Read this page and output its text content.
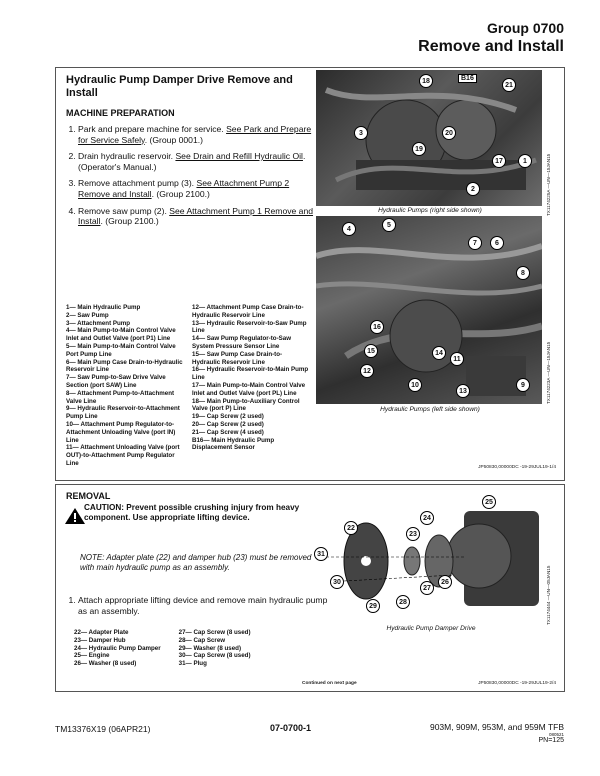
Group 0700
Remove and Install
Hydraulic Pump Damper Drive Remove and Install
MACHINE PREPARATION
1. Park and prepare machine for service. See Park and Prepare for Service Safely. (Group 0001.)
2. Drain hydraulic reservoir. See Drain and Refill Hydraulic Oil. (Operator's Manual.)
3. Remove attachment pump (3). See Attachment Pump 2 Remove and Install. (Group 2100.)
4. Remove saw pump (2). See Attachment Pump 1 Remove and Install. (Group 2100.)
1— Main Hydraulic Pump
2— Saw Pump
3— Attachment Pump
4— Main Pump-to-Main Control Valve Inlet and Outlet Valve (port P1) Line
5— Main Pump-to-Main Control Valve Port Pump Line
6— Main Pump Case Drain-to-Hydraulic Reservoir Line
7— Saw Pump-to-Saw Drive Valve Section (port SAW) Line
8— Attachment Pump-to-Attachment Valve Line
9— Hydraulic Reservoir-to-Attachment Pump Line
10— Attachment Pump Regulator-to-Attachment Unloading Valve (port IN) Line
11— Attachment Unloading Valve (port OUT)-to-Attachment Pump Regulator Line
12— Attachment Pump Case Drain-to-Hydraulic Reservoir Line
13— Hydraulic Reservoir-to-Saw Pump Line
14— Saw Pump Regulator-to-Saw System Pressure Sensor Line
15— Saw Pump Case Drain-to-Hydraulic Reservoir Line
16— Hydraulic Reservoir-to-Main Pump Line
17— Main Pump-to-Main Control Valve Inlet and Outlet Valve (port PL) Line
18— Main Pump-to-Auxiliary Control Valve (port P) Line
19— Cap Screw (2 used)
20— Cap Screw (2 used)
21— Cap Screw (4 used)
B16— Main Hydraulic Pump Displacement Sensor
18	B16
21
3	20
19
17	1
2
Hydraulic Pumps (right side shown)	TX1174225A —UN—15JAN15
4
5
7	6
8
16
15
12
14
11
10
13
9
Hydraulic Pumps (left side shown)
TX1174223A —UN—15JAN15
JP50830,00000DC -19-29JUL19-1/4
REMOVAL
CAUTION: Prevent possible crushing injury from heavy component. Use appropriate lifting device.
NOTE: Adapter plate (22) and damper hub (23) must be removed with main hydraulic pump as an assembly.
1. Attach appropriate lifting device and remove main hydraulic pump as an assembly.
22— Adapter Plate
23— Damper Hub
24— Hydraulic Pump Damper
25— Engine
26— Washer (8 used)
27— Cap Screw (8 used)
28— Cap Screw
29— Washer (8 used)
30— Cap Screw (8 used)
31— Plug
25
22
23
24
31
30
29
28
27
26
Hydraulic Pump Damper Drive
TX1174444 —UN—05JAN15
Continued on next page	JP50830,00000DC -19-29JUL19-2/4
TM13376X19 (06APR21)	07-0700-1	903M, 909M, 953M, and 959M TFB
080521
PN=125
